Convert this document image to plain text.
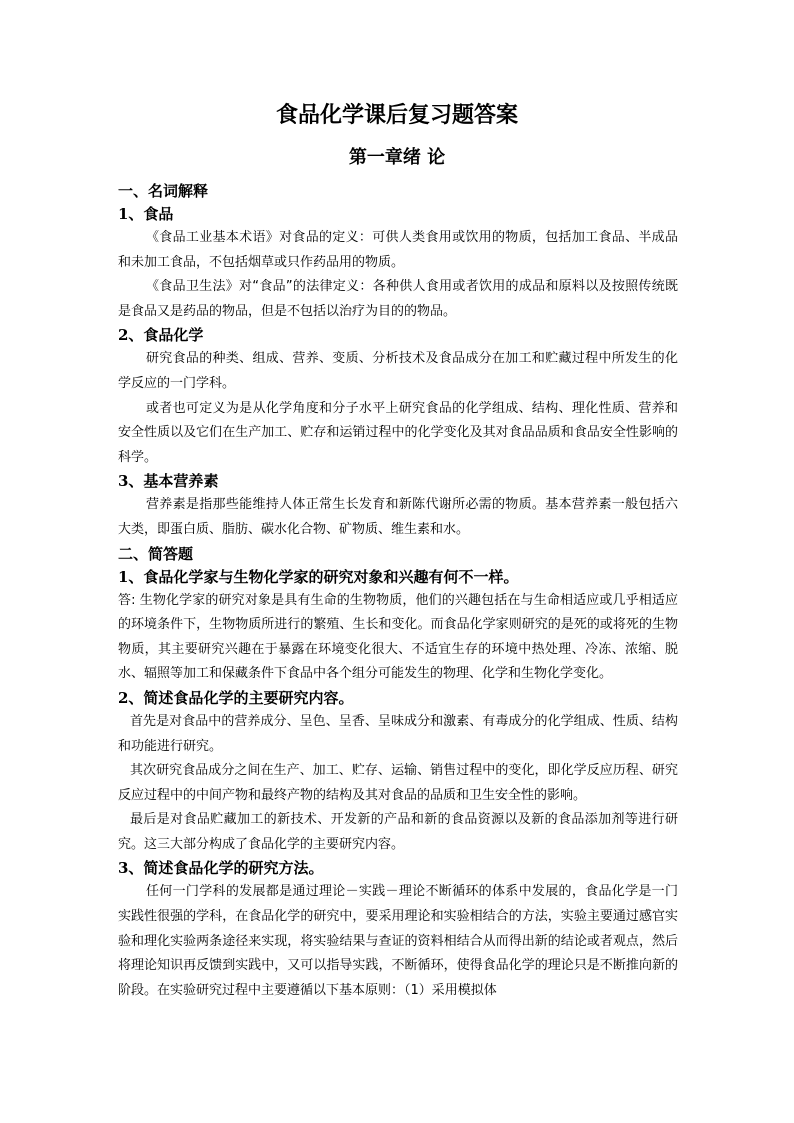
食品化学课后复习题答案
第一章绪 论
一、名词解释
1、食品

《食品工业基本术语》对食品的定义：可供人类食用或饮用的物质，包括加工食品、半成品和未加工食品，不包括烟草或只作药品用的物质。

《食品卫生法》对“食品”的法律定义：各种供人食用或者饮用的成品和原料以及按照传统既是食品又是药品的物品，但是不包括以治疗为目的的物品。

2、食品化学

研究食品的种类、组成、营养、变质、分析技术及食品成分在加工和贮藏过程中所发生的化学反应的一门学科。

或者也可定义为是从化学角度和分子水平上研究食品的化学组成、结构、理化性质、营养和安全性质以及它们在生产加工、贮存和运销过程中的化学变化及其对食品品质和食品安全性影响的科学。

3、基本营养素

营养素是指那些能维持人体正常生长发育和新陈代谢所必需的物质。基本营养素一般包括六大类，即蛋白质、脂肪、碳水化合物、矿物质、维生素和水。

二、简答题
1、食品化学家与生物化学家的研究对象和兴趣有何不一样。

答: 生物化学家的研究对象是具有生命的生物物质，他们的兴趣包括在与生命相适应或几乎相适应的环境条件下，生物物质所进行的繁殖、生长和变化。而食品化学家则研究的是死的或将死的生物物质，其主要研究兴趣在于暴露在环境变化很大、不适宜生存的环境中热处理、冷冻、浓缩、脱水、辐照等加工和保藏条件下食品中各个组分可能发生的物理、化学和生物化学变化。

2、简述食品化学的主要研究内容。

首先是对食品中的营养成分、呈色、呈香、呈味成分和激素、有毒成分的化学组成、性质、结构和功能进行研究。

其次研究食品成分之间在生产、加工、贮存、运输、销售过程中的变化，即化学反应历程、研究反应过程中的中间产物和最终产物的结构及其对食品的品质和卫生安全性的影响。

最后是对食品贮藏加工的新技术、开发新的产品和新的食品资源以及新的食品添加剂等进行研究。这三大部分构成了食品化学的主要研究内容。

3、简述食品化学的研究方法。

任何一门学科的发展都是通过理论－实践－理论不断循环的体系中发展的，食品化学是一门实践性很强的学科，在食品化学的研究中，要采用理论和实验相结合的方法，实验主要通过感官实验和理化实验两条途径来实现，将实验结果与查证的资料相结合从而得出新的结论或者观点，然后将理论知识再反馈到实践中，又可以指导实践，不断循环，使得食品化学的理论只是不断推向新的阶段。在实验研究过程中主要遵循以下基本原则：（1）采用模拟体
